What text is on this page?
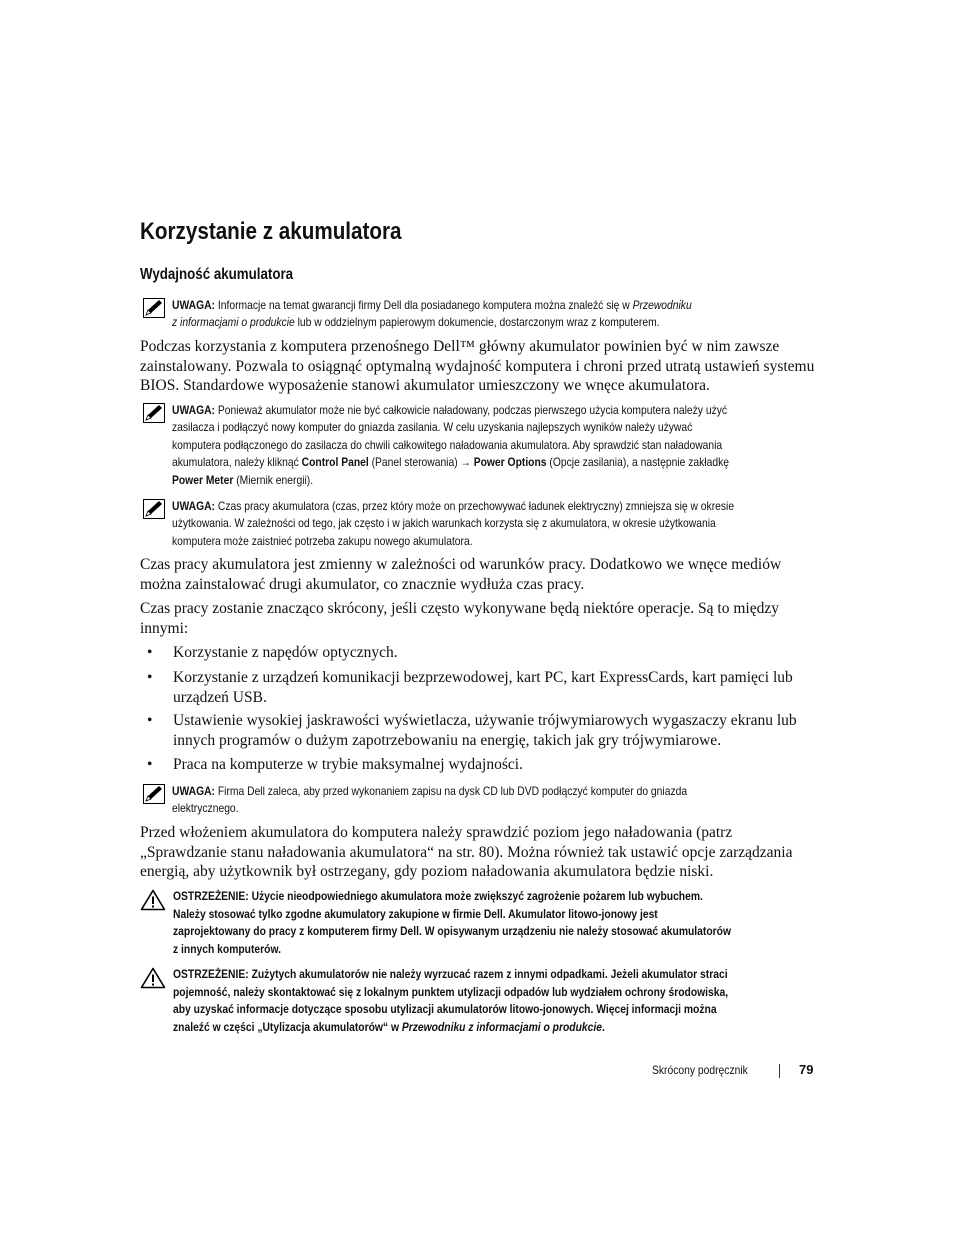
Korzystanie z akumulatora
Wydajność akumulatora
UWAGA: Informacje na temat gwarancji firmy Dell dla posiadanego komputera można znaleźć się w Przewodniku
z informacjami o produkcie lub w oddzielnym papierowym dokumencie, dostarczonym wraz z komputerem.
Podczas korzystania z komputera przenośnego Dell™ główny akumulator powinien być w nim zawsze
zainstalowany. Pozwala to osiągnąć optymalną wydajność komputera i chroni przed utratą ustawień systemu
BIOS. Standardowe wyposażenie stanowi akumulator umieszczony we wnęce akumulatora.
UWAGA: Ponieważ akumulator może nie być całkowicie naładowany, podczas pierwszego użycia komputera należy użyć
zasilacza i podłączyć nowy komputer do gniazda zasilania. W celu uzyskania najlepszych wyników należy używać
komputera podłączonego do zasilacza do chwili całkowitego naładowania akumulatora. Aby sprawdzić stan naładowania
akumulatora, należy kliknąć Control Panel (Panel sterowania) → Power Options (Opcje zasilania), a następnie zakładkę
Power Meter (Miernik energii).
UWAGA: Czas pracy akumulatora (czas, przez który może on przechowywać ładunek elektryczny) zmniejsza się w okresie
użytkowania. W zależności od tego, jak często i w jakich warunkach korzysta się z akumulatora, w okresie użytkowania
komputera może zaistnieć potrzeba zakupu nowego akumulatora.
Czas pracy akumulatora jest zmienny w zależności od warunków pracy. Dodatkowo we wnęce mediów
można zainstalować drugi akumulator, co znacznie wydłuża czas pracy.
Czas pracy zostanie znacząco skrócony, jeśli często wykonywane będą niektóre operacje. Są to między
innymi:
• Korzystanie z napędów optycznych.
• Korzystanie z urządzeń komunikacji bezprzewodowej, kart PC, kart ExpressCards, kart pamięci lub
urządzeń USB.
• Ustawienie wysokiej jaskrawości wyświetlacza, używanie trójwymiarowych wygaszaczy ekranu lub
innych programów o dużym zapotrzebowaniu na energię, takich jak gry trójwymiarowe.
• Praca na komputerze w trybie maksymalnej wydajności.
UWAGA: Firma Dell zaleca, aby przed wykonaniem zapisu na dysk CD lub DVD podłączyć komputer do gniazda
elektrycznego.
Przed włożeniem akumulatora do komputera należy sprawdzić poziom jego naładowania (patrz
„Sprawdzanie stanu naładowania akumulatora“ na str. 80). Można również tak ustawić opcje zarządzania
energią, aby użytkownik był ostrzegany, gdy poziom naładowania akumulatora będzie niski.
OSTRZEŻENIE: Użycie nieodpowiedniego akumulatora może zwiększyć zagrożenie pożarem lub wybuchem.
Należy stosować tylko zgodne akumulatory zakupione w firmie Dell. Akumulator litowo-jonowy jest
zaprojektowany do pracy z komputerem firmy Dell. W opisywanym urządzeniu nie należy stosować akumulatorów
z innych komputerów.
OSTRZEŻENIE: Zużytych akumulatorów nie należy wyrzucać razem z innymi odpadkami. Jeżeli akumulator straci
pojemność, należy skontaktować się z lokalnym punktem utylizacji odpadów lub wydziałem ochrony środowiska,
aby uzyskać informacje dotyczące sposobu utylizacji akumulatorów litowo-jonowych. Więcej informacji można
znaleźć w części „Utylizacja akumulatorów“ w Przewodniku z informacjami o produkcie.
Skrócony podręcznik	79
